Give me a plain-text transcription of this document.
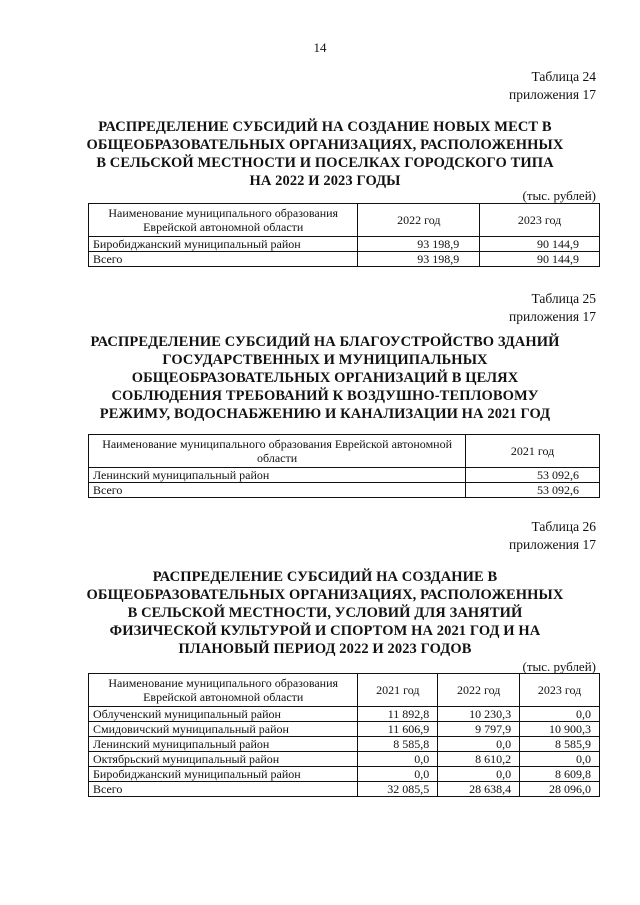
14
Таблица 24
приложения 17
РАСПРЕДЕЛЕНИЕ СУБСИДИЙ НА СОЗДАНИЕ НОВЫХ МЕСТ В
ОБЩЕОБРАЗОВАТЕЛЬНЫХ ОРГАНИЗАЦИЯХ, РАСПОЛОЖЕННЫХ
В СЕЛЬСКОЙ МЕСТНОСТИ И ПОСЕЛКАХ ГОРОДСКОГО ТИПА
НА 2022 И 2023 ГОДЫ
(тыс. рублей)
Наименование муниципального образования Еврейской автономной области	2022 год	2023 год
Биробиджанский муниципальный район	93 198,9	90 144,9
Всего	93 198,9	90 144,9
Таблица 25
приложения 17
РАСПРЕДЕЛЕНИЕ СУБСИДИЙ НА БЛАГОУСТРОЙСТВО ЗДАНИЙ
ГОСУДАРСТВЕННЫХ И МУНИЦИПАЛЬНЫХ
ОБЩЕОБРАЗОВАТЕЛЬНЫХ ОРГАНИЗАЦИЙ В ЦЕЛЯХ
СОБЛЮДЕНИЯ ТРЕБОВАНИЙ К ВОЗДУШНО-ТЕПЛОВОМУ
РЕЖИМУ, ВОДОСНАБЖЕНИЮ И КАНАЛИЗАЦИИ НА 2021 ГОД
Наименование муниципального образования Еврейской автономной области	2021 год
Ленинский муниципальный район	53 092,6
Всего	53 092,6
Таблица 26
приложения 17
РАСПРЕДЕЛЕНИЕ СУБСИДИЙ НА СОЗДАНИЕ В
ОБЩЕОБРАЗОВАТЕЛЬНЫХ ОРГАНИЗАЦИЯХ, РАСПОЛОЖЕННЫХ
В СЕЛЬСКОЙ МЕСТНОСТИ, УСЛОВИЙ ДЛЯ ЗАНЯТИЙ
ФИЗИЧЕСКОЙ КУЛЬТУРОЙ И СПОРТОМ НА 2021 ГОД И НА
ПЛАНОВЫЙ ПЕРИОД 2022 И 2023 ГОДОВ
(тыс. рублей)
Наименование муниципального образования Еврейской автономной области	2021 год	2022 год	2023 год
Облученский муниципальный район	11 892,8	10 230,3	0,0
Смидовичский муниципальный район	11 606,9	9 797,9	10 900,3
Ленинский муниципальный район	8 585,8	0,0	8 585,9
Октябрьский муниципальный район	0,0	8 610,2	0,0
Биробиджанский муниципальный район	0,0	0,0	8 609,8
Всего	32 085,5	28 638,4	28 096,0
